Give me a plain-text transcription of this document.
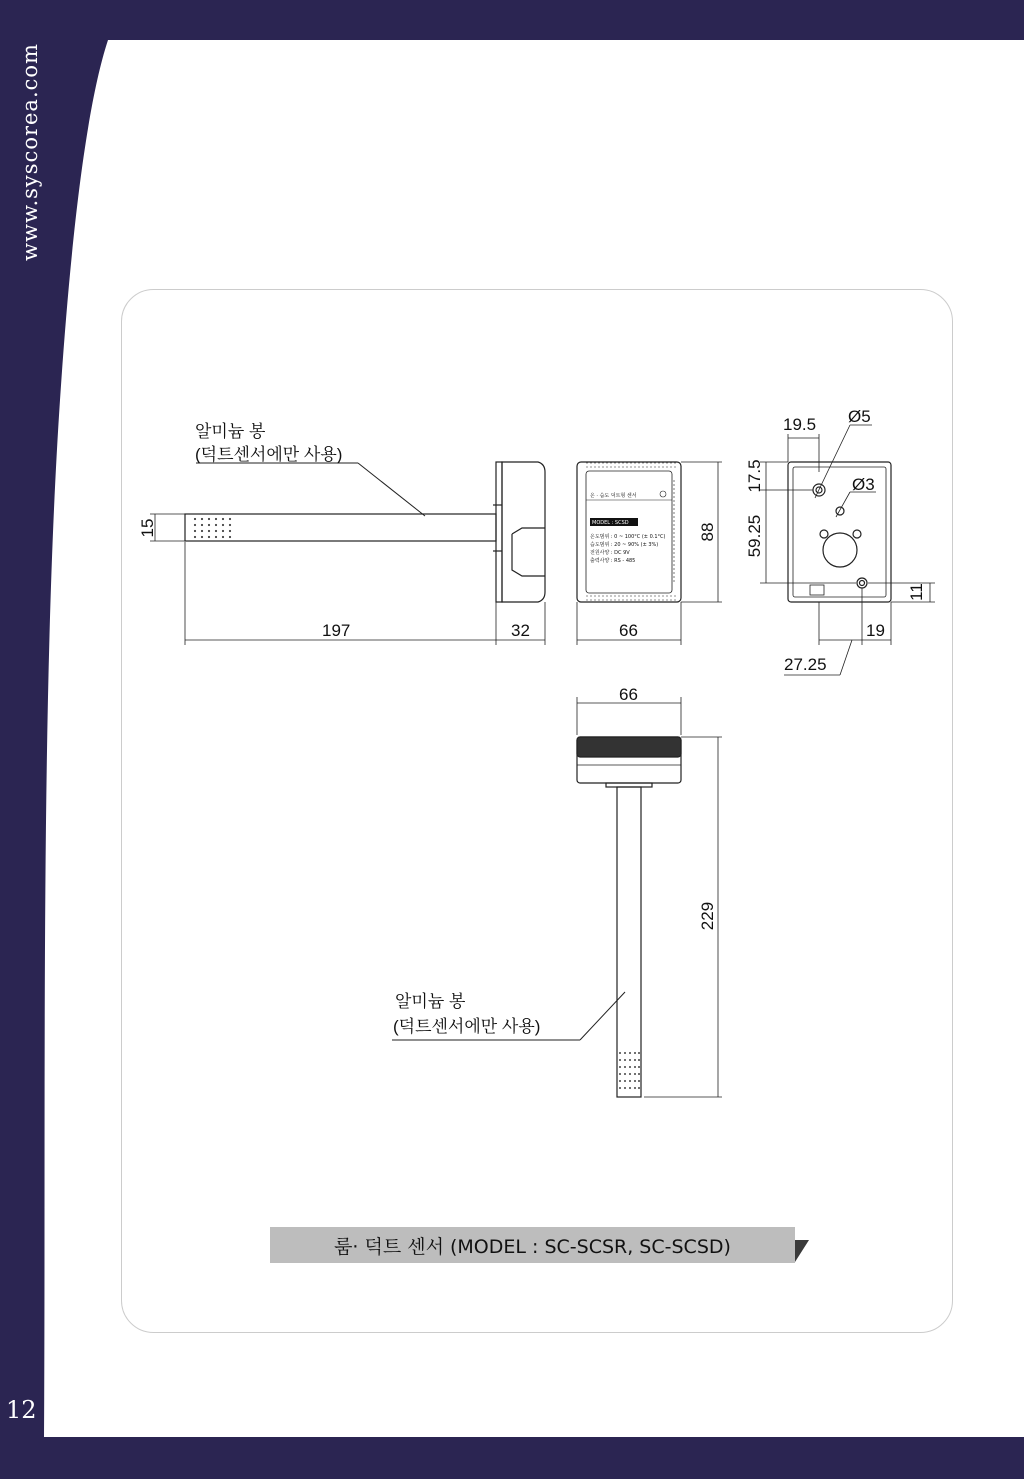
www.syscorea.com
12
알미늄 봉
(덕트센서에만 사용)
197	32
15
온 · 습도 덕트형 센서
MODEL : SCSD
온도범위 : 0 ~ 100°C (± 0.1°C)
습도범위 : 20 ~ 90% (± 3%)
전원사양 : DC 9V
출력사양 : RS - 485
66
88
19.5 Ø5
Ø3
17.5
59.25
11
19
27.25
66
229
알미늄 봉
(덕트센서에만 사용)
룸· 덕트 센서 (MODEL : SC-SCSR, SC-SCSD)
